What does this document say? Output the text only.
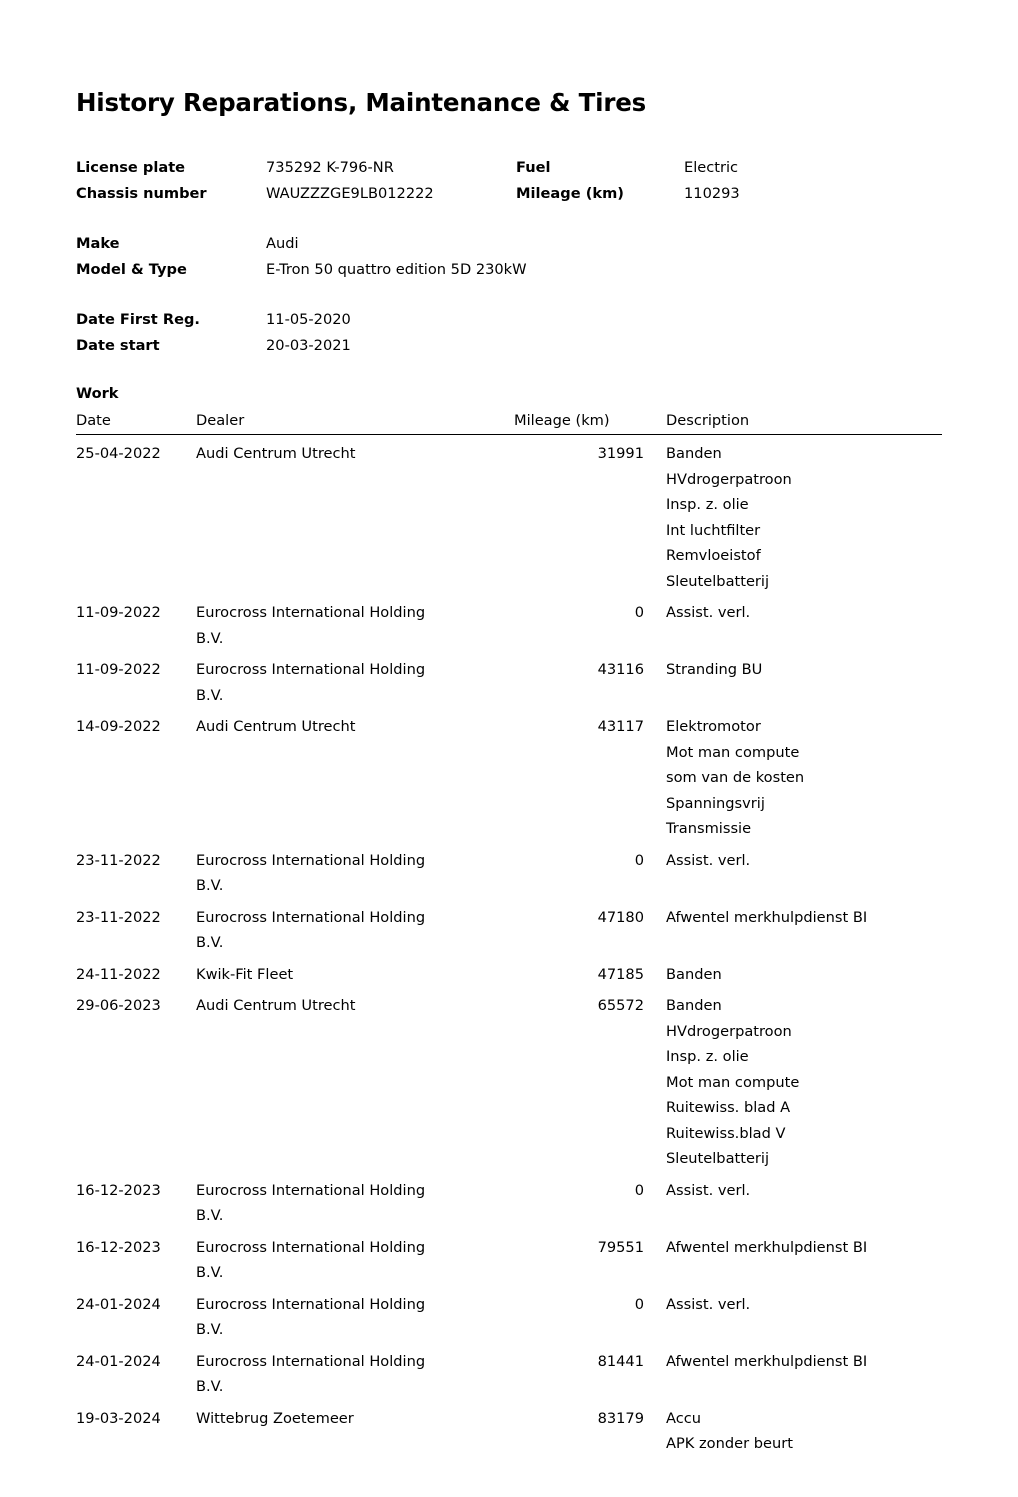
History Reparations, Maintenance & Tires
License plate	735292 K-796-NR	Fuel	Electric
Chassis number	WAUZZZGE9LB012222	Mileage (km)	110293
Make	Audi
Model & Type	E-Tron 50 quattro edition 5D 230kW
Date First Reg.	11-05-2020
Date start	20-03-2021
Work
Date	Dealer	Mileage (km)	Description
25-04-2022	Audi Centrum Utrecht	31991	Banden
HVdrogerpatroon
Insp. z. olie
Int luchtfilter
Remvloeistof
Sleutelbatterij

11-09-2022	Eurocross International Holding B.V.	0	Assist. verl.

11-09-2022	Eurocross International Holding B.V.	43116	Stranding BU

14-09-2022	Audi Centrum Utrecht	43117	Elektromotor
Mot man compute
som van de kosten
Spanningsvrij
Transmissie

23-11-2022	Eurocross International Holding B.V.	0	Assist. verl.

23-11-2022	Eurocross International Holding B.V.	47180	Afwentel merkhulpdienst BI

24-11-2022	Kwik-Fit Fleet	47185	Banden

29-06-2023	Audi Centrum Utrecht	65572	Banden
HVdrogerpatroon
Insp. z. olie
Mot man compute
Ruitewiss. blad A
Ruitewiss.blad V
Sleutelbatterij

16-12-2023	Eurocross International Holding B.V.	0	Assist. verl.

16-12-2023	Eurocross International Holding B.V.	79551	Afwentel merkhulpdienst BI

24-01-2024	Eurocross International Holding B.V.	0	Assist. verl.

24-01-2024	Eurocross International Holding B.V.	81441	Afwentel merkhulpdienst BI

19-03-2024	Wittebrug Zoetemeer	83179	Accu
APK zonder beurt
